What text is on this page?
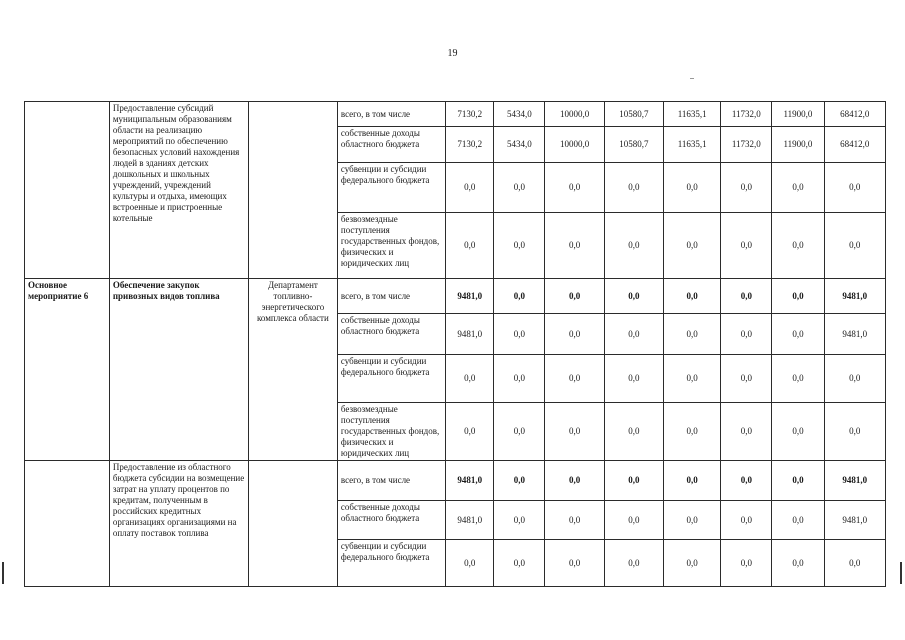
19
	Предоставление субсидий муниципальным образованиям области на реализацию мероприятий по обеспечению безопасных условий нахождения людей в зданиях детских дошкольных и школьных учреждений, учреждений культуры и отдыха, имеющих встроенные и пристроенные котельные		всего, в том числе	7130,2	5434,0	10000,0	10580,7	11635,1	11732,0	11900,0	68412,0
			собственные доходы областного бюджета	7130,2	5434,0	10000,0	10580,7	11635,1	11732,0	11900,0	68412,0
			субвенции и субсидии федерального бюджета	0,0	0,0	0,0	0,0	0,0	0,0	0,0	0,0
			безвозмездные поступления государственных фондов, физических и юридических лиц	0,0	0,0	0,0	0,0	0,0	0,0	0,0	0,0
Основное мероприятие 6	Обеспечение закупок привозных видов топлива	Департамент топливно-энергетического комплекса области	всего, в том числе	9481,0	0,0	0,0	0,0	0,0	0,0	0,0	9481,0
			собственные доходы областного бюджета	9481,0	0,0	0,0	0,0	0,0	0,0	0,0	9481,0
			субвенции и субсидии федерального бюджета	0,0	0,0	0,0	0,0	0,0	0,0	0,0	0,0
			безвозмездные поступления государственных фондов, физических и юридических лиц	0,0	0,0	0,0	0,0	0,0	0,0	0,0	0,0
	Предоставление из областного бюджета субсидии на возмещение затрат на уплату процентов по кредитам, полученным в российских кредитных организациях организациями на оплату поставок топлива		всего, в том числе	9481,0	0,0	0,0	0,0	0,0	0,0	0,0	9481,0
			собственные доходы областного бюджета	9481,0	0,0	0,0	0,0	0,0	0,0	0,0	9481,0
			субвенции и субсидии федерального бюджета	0,0	0,0	0,0	0,0	0,0	0,0	0,0	0,0
